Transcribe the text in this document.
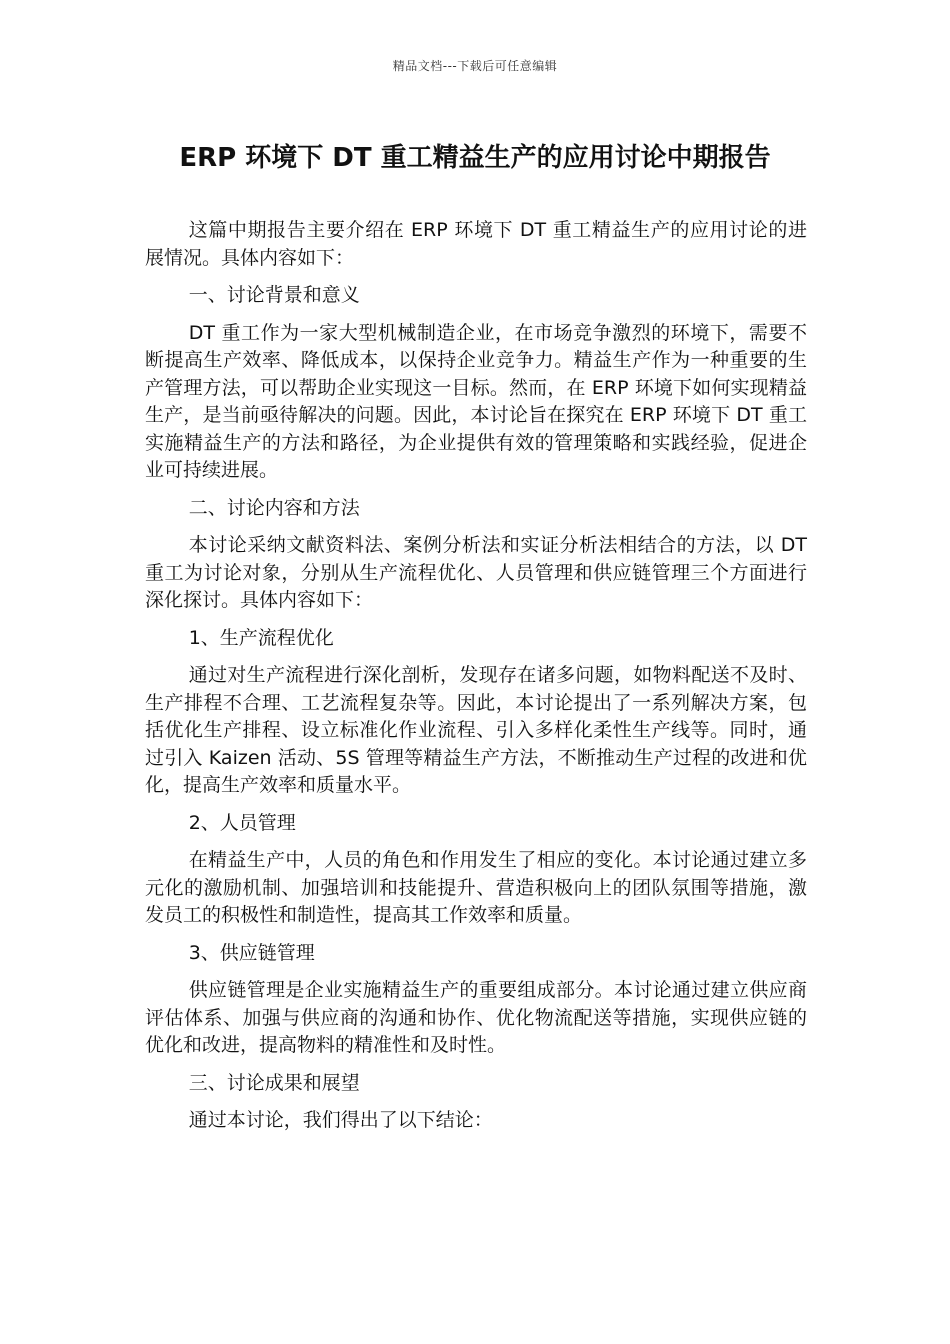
精品文档---下载后可任意编辑
ERP 环境下 DT 重工精益生产的应用讨论中期报告

这篇中期报告主要介绍在 ERP 环境下 DT 重工精益生产的应用讨论的进展情况。具体内容如下：

一、讨论背景和意义

DT 重工作为一家大型机械制造企业，在市场竞争激烈的环境下，需要不断提高生产效率、降低成本，以保持企业竞争力。精益生产作为一种重要的生产管理方法，可以帮助企业实现这一目标。然而，在 ERP 环境下如何实现精益生产，是当前亟待解决的问题。因此，本讨论旨在探究在 ERP 环境下 DT 重工实施精益生产的方法和路径，为企业提供有效的管理策略和实践经验，促进企业可持续进展。

二、讨论内容和方法

本讨论采纳文献资料法、案例分析法和实证分析法相结合的方法，以 DT 重工为讨论对象，分别从生产流程优化、人员管理和供应链管理三个方面进行深化探讨。具体内容如下：

1、生产流程优化

通过对生产流程进行深化剖析，发现存在诸多问题，如物料配送不及时、生产排程不合理、工艺流程复杂等。因此，本讨论提出了一系列解决方案，包括优化生产排程、设立标准化作业流程、引入多样化柔性生产线等。同时，通过引入 Kaizen 活动、5S 管理等精益生产方法，不断推动生产过程的改进和优化，提高生产效率和质量水平。

2、人员管理

在精益生产中，人员的角色和作用发生了相应的变化。本讨论通过建立多元化的激励机制、加强培训和技能提升、营造积极向上的团队氛围等措施，激发员工的积极性和制造性，提高其工作效率和质量。

3、供应链管理

供应链管理是企业实施精益生产的重要组成部分。本讨论通过建立供应商评估体系、加强与供应商的沟通和协作、优化物流配送等措施，实现供应链的优化和改进，提高物料的精准性和及时性。

三、讨论成果和展望

通过本讨论，我们得出了以下结论：
